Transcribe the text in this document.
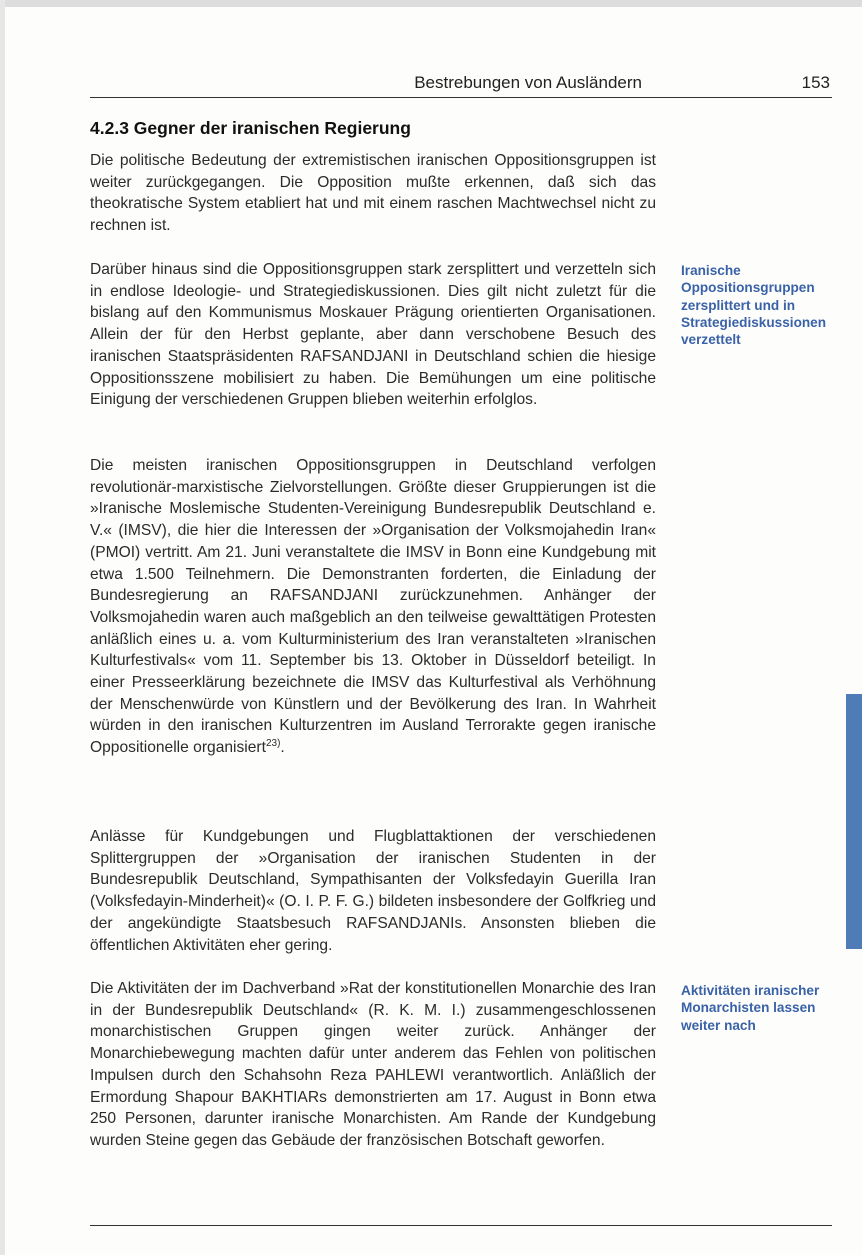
Bestrebungen von Ausländern	153
4.2.3 Gegner der iranischen Regierung

Die politische Bedeutung der extremistischen iranischen Oppositionsgruppen ist weiter zurückgegangen. Die Opposition mußte erkennen, daß sich das theokratische System etabliert hat und mit einem raschen Machtwechsel nicht zu rechnen ist.

Darüber hinaus sind die Oppositionsgruppen stark zersplittert und verzetteln sich in endlose Ideologie- und Strategiediskussionen. Dies gilt nicht zuletzt für die bislang auf den Kommunismus Moskauer Prägung orientierten Organisationen. Allein der für den Herbst geplante, aber dann verschobene Besuch des iranischen Staatspräsidenten RAFSANDJANI in Deutschland schien die hiesige Oppositionsszene mobilisiert zu haben. Die Bemühungen um eine politische Einigung der verschiedenen Gruppen blieben weiterhin erfolglos.

Die meisten iranischen Oppositionsgruppen in Deutschland verfolgen revolutionär-marxistische Zielvorstellungen. Größte dieser Gruppierungen ist die »Iranische Moslemische Studenten-Vereinigung Bundesrepublik Deutschland e. V.« (IMSV), die hier die Interessen der »Organisation der Volksmojahedin Iran« (PMOI) vertritt. Am 21. Juni veranstaltete die IMSV in Bonn eine Kundgebung mit etwa 1.500 Teilnehmern. Die Demonstranten forderten, die Einladung der Bundesregierung an RAFSANDJANI zurückzunehmen. Anhänger der Volksmojahedin waren auch maßgeblich an den teilweise gewalttätigen Protesten anläßlich eines u. a. vom Kulturministerium des Iran veranstalteten »Iranischen Kulturfestivals« vom 11. September bis 13. Oktober in Düsseldorf beteiligt. In einer Presseerklärung bezeichnete die IMSV das Kulturfestival als Verhöhnung der Menschenwürde von Künstlern und der Bevölkerung des Iran. In Wahrheit würden in den iranischen Kulturzentren im Ausland Terrorakte gegen iranische Oppositionelle organisiert$^{23)}$.

Anlässe für Kundgebungen und Flugblattaktionen der verschiedenen Splittergruppen der »Organisation der iranischen Studenten in der Bundesrepublik Deutschland, Sympathisanten der Volksfedayin Guerilla Iran (Volksfedayin-Minderheit)« (O. I. P. F. G.) bildeten insbesondere der Golfkrieg und der angekündigte Staatsbesuch RAFSANDJANIs. Ansonsten blieben die öffentlichen Aktivitäten eher gering.

Die Aktivitäten der im Dachverband »Rat der konstitutionellen Monarchie des Iran in der Bundesrepublik Deutschland« (R. K. M. I.) zusammengeschlossenen monarchistischen Gruppen gingen weiter zurück. Anhänger der Monarchiebewegung machten dafür unter anderem das Fehlen von politischen Impulsen durch den Schahsohn Reza PAHLEWI verantwortlich. Anläßlich der Ermordung Shapour BAKHTIARs demonstrierten am 17. August in Bonn etwa 250 Personen, darunter iranische Monarchisten. Am Rande der Kundgebung wurden Steine gegen das Gebäude der französischen Botschaft geworfen.

Iranische Oppositionsgruppen zersplittert und in Strategiediskussionen verzettelt
Aktivitäten iranischer Monarchisten lassen weiter nach
